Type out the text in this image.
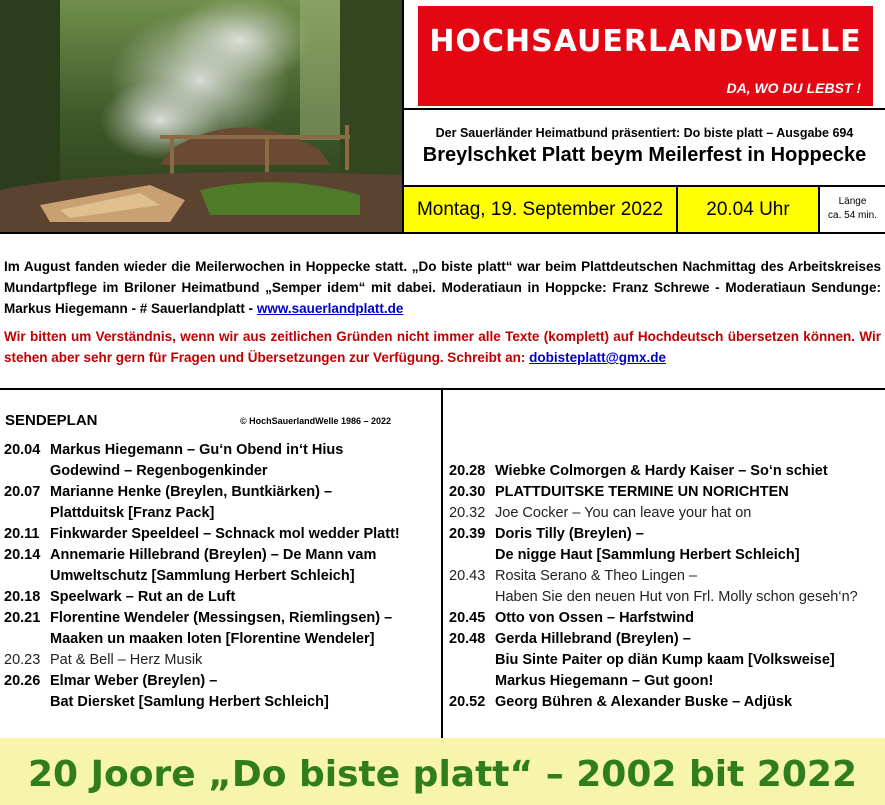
HOCHSAUERLANDWELLE
DA, WO DU LEBST !
Der Sauerländer Heimatbund präsentiert: Do biste platt – Ausgabe 694
Breylschket Platt beym Meilerfest in Hoppecke
Montag, 19. September 2022	20.04 Uhr	Länge
ca. 54 min.
Im August fanden wieder die Meilerwochen in Hoppecke statt. „Do biste platt“ war beim Plattdeutschen Nachmittag des Arbeitskreises Mundartpflege im Briloner Heimatbund „Semper idem“ mit dabei. Moderatiaun in Hoppcke: Franz Schrewe - Moderatiaun Sendunge: Markus Hiegemann - # Sauerlandplatt - www.sauerlandplatt.de
Wir bitten um Verständnis, wenn wir aus zeitlichen Gründen nicht immer alle Texte (komplett) auf Hochdeutsch übersetzen können. Wir stehen aber sehr gern für Fragen und Übersetzungen zur Verfügung. Schreibt an: dobisteplatt@gmx.de
SENDEPLAN	© HochSauerlandWelle 1986 – 2022
20.04 Markus Hiegemann – Gu‘n Obend in‘t Hius
Godewind – Regenbogenkinder
20.07 Marianne Henke (Breylen, Buntkiärken) –
Plattduitsk [Franz Pack]
20.11 Finkwarder Speeldeel – Schnack mol wedder Platt!
20.14 Annemarie Hillebrand (Breylen) – De Mann vam
Umweltschutz [Sammlung Herbert Schleich]
20.18 Speelwark – Rut an de Luft
20.21 Florentine Wendeler (Messingsen, Riemlingsen) –
Maaken un maaken loten [Florentine Wendeler]
20.23 Pat & Bell – Herz Musik
20.26 Elmar Weber (Breylen) –
Bat Diersket [Samlung Herbert Schleich]
20.28 Wiebke Colmorgen & Hardy Kaiser – So‘n schiet
20.30 PLATTDUITSKE TERMINE UN NORICHTEN
20.32 Joe Cocker – You can leave your hat on
20.39 Doris Tilly (Breylen) –
De nigge Haut [Sammlung Herbert Schleich]
20.43 Rosita Serano & Theo Lingen –
Haben Sie den neuen Hut von Frl. Molly schon geseh‘n?
20.45 Otto von Ossen – Harfstwind
20.48 Gerda Hillebrand (Breylen) –
Biu Sinte Paiter op diän Kump kaam [Volksweise]
Markus Hiegemann – Gut goon!
20.52 Georg Bühren & Alexander Buske – Adjüsk
20 Joore „Do biste platt“ – 2002 bit 2022
